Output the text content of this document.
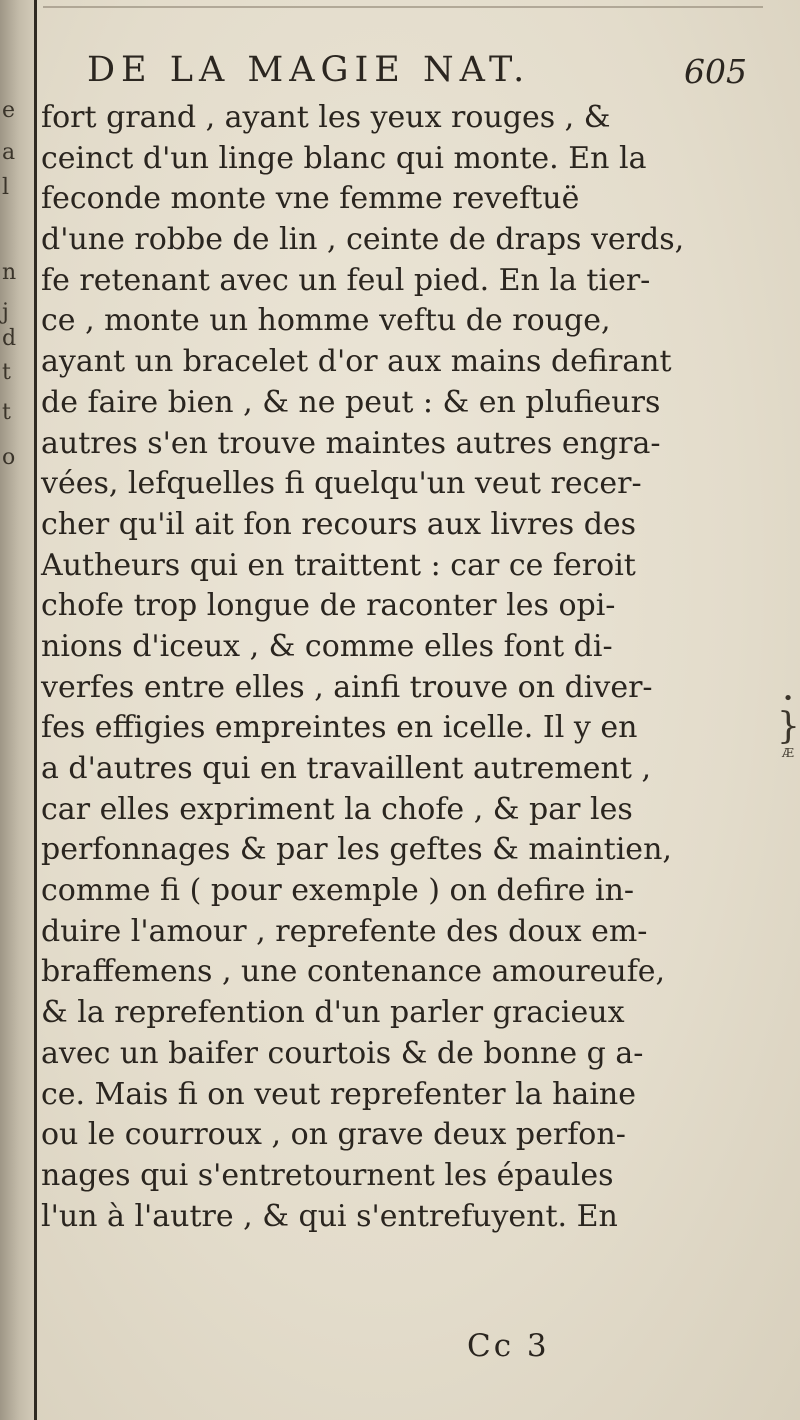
e
a
l
n
j
d
t
t
o
DE LA MAGIE NAT.	605
fort grand , ayant les yeux rouges , &
ceinct d'un linge blanc qui monte. En la
feconde monte vne femme reveftuë
d'une robbe de lin , ceinte de draps verds,
fe retenant avec un feul pied. En la tier-
ce , monte un homme veftu de rouge,
ayant un bracelet d'or aux mains defirant
de faire bien , & ne peut : & en plufieurs
autres s'en trouve maintes autres engra-
vées, lefquelles fi quelqu'un veut recer-
cher qu'il ait fon recours aux livres des
Autheurs qui en traittent : car ce feroit
chofe trop longue de raconter les opi-
nions d'iceux , & comme elles font di-
verfes entre elles , ainfi trouve on diver-
fes effigies empreintes en icelle. Il y en
a d'autres qui en travaillent autrement ,
car elles expriment la chofe , & par les
perfonnages & par les geftes & maintien,
comme fi ( pour exemple ) on defire in-
duire l'amour , reprefente des doux em-
braffemens , une contenance amoureufe,
& la reprefention d'un parler gracieux
avec un baifer courtois & de bonne g a-
ce. Mais fi on veut reprefenter la haine
ou le courroux , on grave deux perfon-
nages qui s'entretournent les épaules
l'un à l'autre , & qui s'entrefuyent. En
Cc 3
•
}
Æ
